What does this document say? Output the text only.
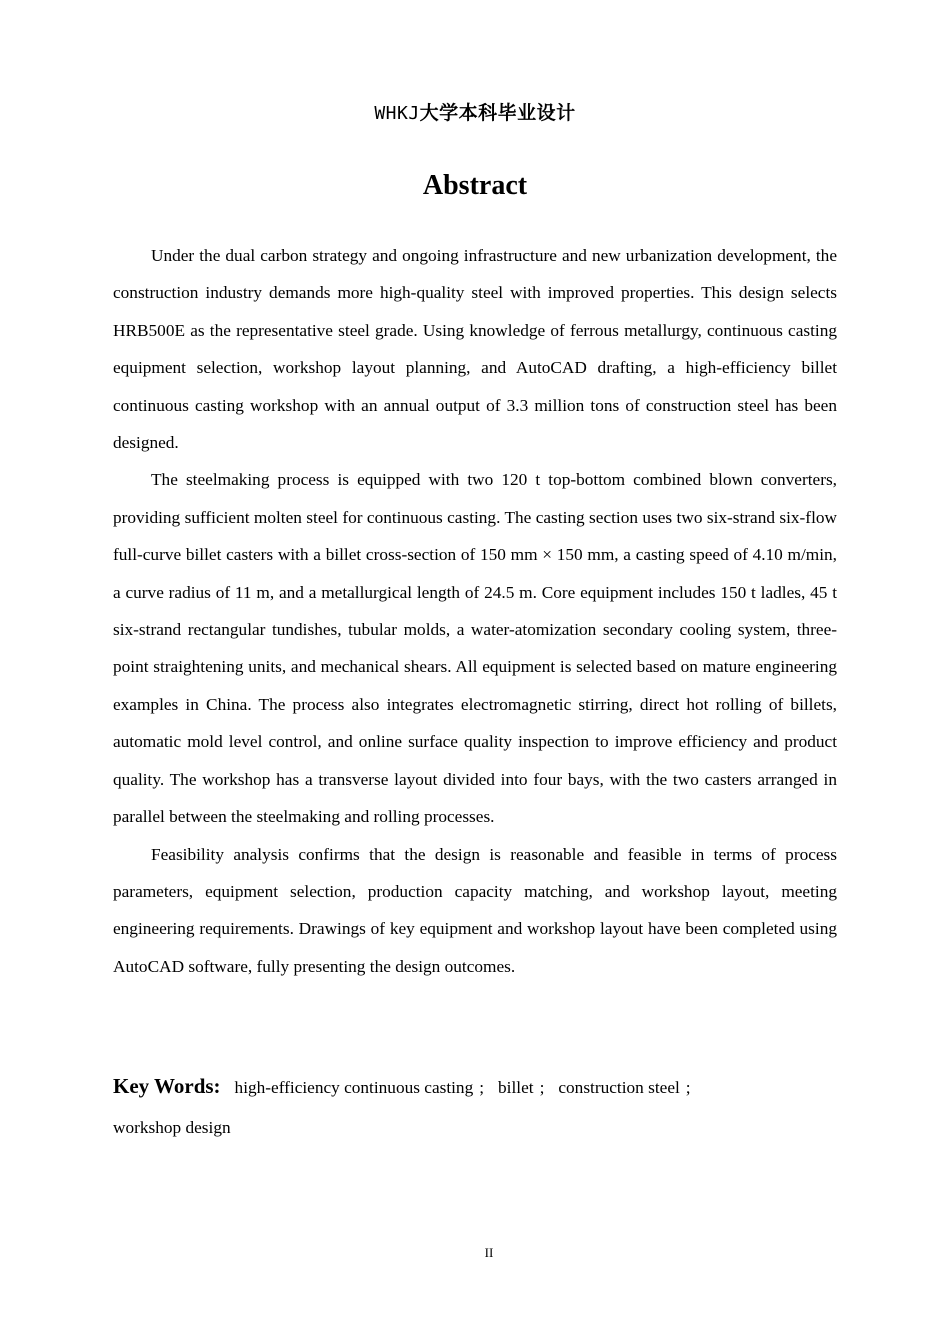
WHKJ大学本科毕业设计
Abstract

Under the dual carbon strategy and ongoing infrastructure and new urbanization development, the construction industry demands more high-quality steel with improved properties. This design selects HRB500E as the representative steel grade. Using knowledge of ferrous metallurgy, continuous casting equipment selection, workshop layout planning, and AutoCAD drafting, a high-efficiency billet continuous casting workshop with an annual output of 3.3 million tons of construction steel has been designed.

The steelmaking process is equipped with two 120 t top-bottom combined blown converters, providing sufficient molten steel for continuous casting. The casting section uses two six-strand six-flow full-curve billet casters with a billet cross-section of 150 mm × 150 mm, a casting speed of 4.10 m/min, a curve radius of 11 m, and a metallurgical length of 24.5 m. Core equipment includes 150 t ladles, 45 t six-strand rectangular tundishes, tubular molds, a water-atomization secondary cooling system, three-point straightening units, and mechanical shears. All equipment is selected based on mature engineering examples in China. The process also integrates electromagnetic stirring, direct hot rolling of billets, automatic mold level control, and online surface quality inspection to improve efficiency and product quality. The workshop has a transverse layout divided into four bays, with the two casters arranged in parallel between the steelmaking and rolling processes.

Feasibility analysis confirms that the design is reasonable and feasible in terms of process parameters, equipment selection, production capacity matching, and workshop layout, meeting engineering requirements. Drawings of key equipment and workshop layout have been completed using AutoCAD software, fully presenting the design outcomes.

Key Words: high-efficiency continuous casting ; billet ; construction steel ;
workshop design
II
